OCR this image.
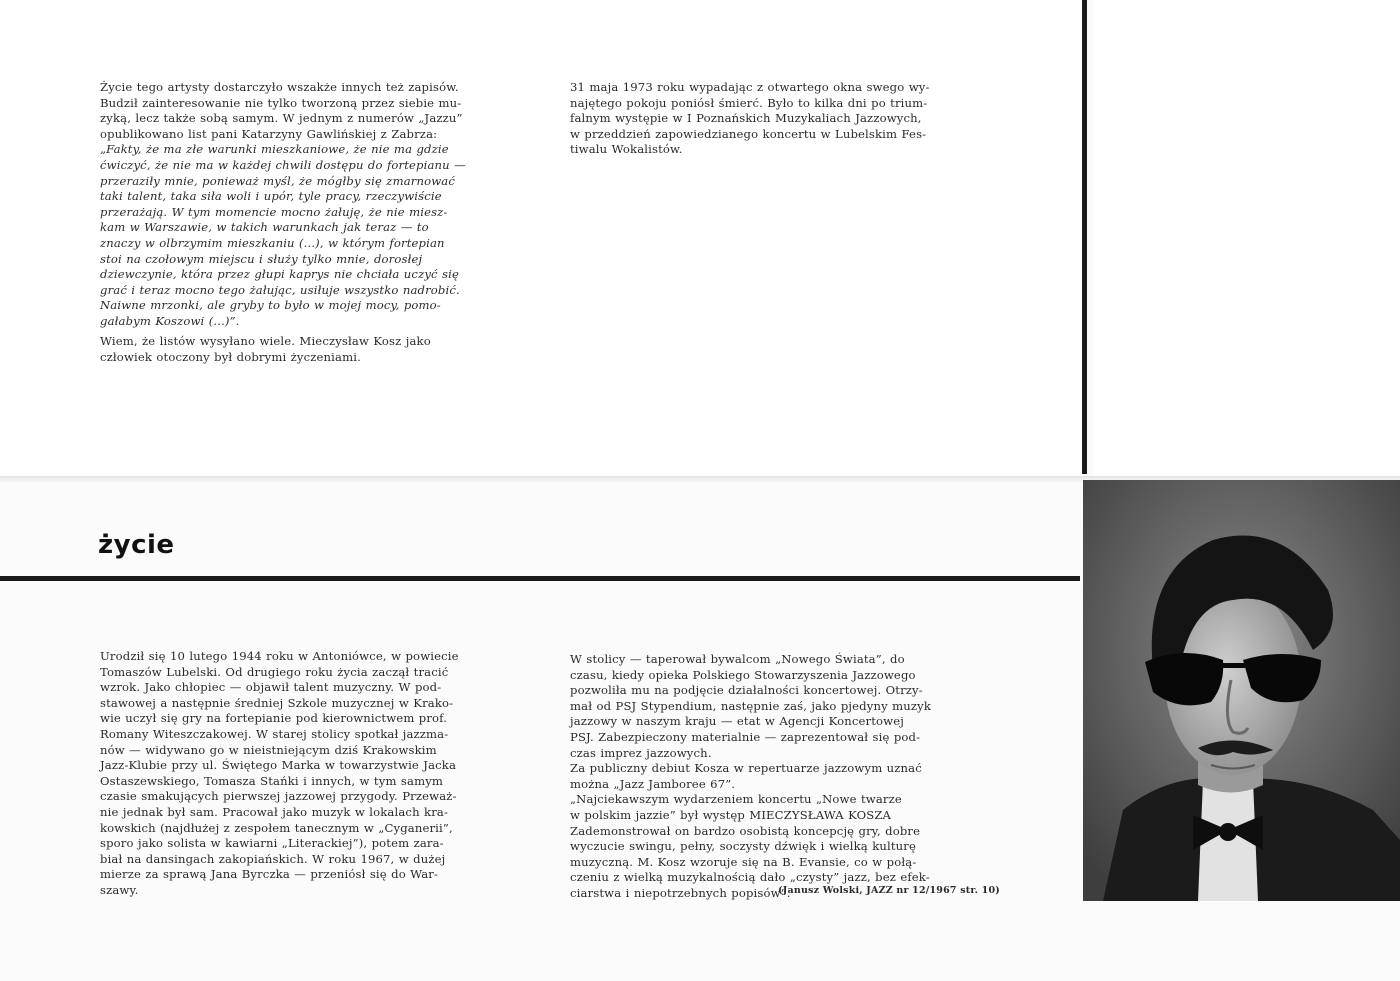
Życie tego artysty dostarczyło wszakże innych też zapisów.

Budził zainteresowanie nie tylko tworzoną przez siebie mu-

zyką, lecz także sobą samym. W jednym z numerów „Jazzu”

opublikowano list pani Katarzyny Gawlińskiej z Zabrza:

„Fakty, że ma złe warunki mieszkaniowe, że nie ma gdzie

ćwiczyć, że nie ma w każdej chwili dostępu do fortepianu —

przeraziły mnie, ponieważ myśl, że mógłby się zmarnować

taki talent, taka siła woli i upór, tyle pracy, rzeczywiście

przerażają. W tym momencie mocno żałuję, że nie miesz-

kam w Warszawie, w takich warunkach jak teraz — to

znaczy w olbrzymim mieszkaniu (...), w którym fortepian

stoi na czołowym miejscu i służy tylko mnie, dorosłej

dziewczynie, która przez głupi kaprys nie chciała uczyć się

grać i teraz mocno tego żałując, usiłuje wszystko nadrobić.

Naiwne mrzonki, ale gryby to było w mojej mocy, pomo-

gałabym Koszowi (...)”.

Wiem, że listów wysyłano wiele. Mieczysław Kosz jako

człowiek otoczony był dobrymi życzeniami.

31 maja 1973 roku wypadając z otwartego okna swego wy-

najętego pokoju poniósł śmierć. Było to kilka dni po trium-

falnym występie w I Poznańskich Muzykaliach Jazzowych,

w przeddzień zapowiedzianego koncertu w Lubelskim Fes-

tiwalu Wokalistów.

życie

Urodził się 10 lutego 1944 roku w Antoniówce, w powiecie

Tomaszów Lubelski. Od drugiego roku życia zaczął tracić

wzrok. Jako chłopiec — objawił talent muzyczny. W pod-

stawowej a następnie średniej Szkole muzycznej w Krako-

wie uczył się gry na fortepianie pod kierownictwem prof.

Romany Witeszczakowej. W starej stolicy spotkał jazzma-

nów — widywano go w nieistniejącym dziś Krakowskim

Jazz-Klubie przy ul. Świętego Marka w towarzystwie Jacka

Ostaszewskiego, Tomasza Stańki i innych, w tym samym

czasie smakujących pierwszej jazzowej przygody. Przeważ-

nie jednak był sam. Pracował jako muzyk w lokalach kra-

kowskich (najdłużej z zespołem tanecznym w „Cyganerii”,

sporo jako solista w kawiarni „Literackiej”), potem zara-

biał na dansingach zakopiańskich. W roku 1967, w dużej

mierze za sprawą Jana Byrczka — przeniósł się do War-

szawy.

W stolicy — taperował bywalcom „Nowego Świata”, do

czasu, kiedy opieka Polskiego Stowarzyszenia Jazzowego

pozwoliła mu na podjęcie działalności koncertowej. Otrzy-

mał od PSJ Stypendium, następnie zaś, jako pjedyny muzyk

jazzowy w naszym kraju — etat w Agencji Koncertowej

PSJ. Zabezpieczony materialnie — zaprezentował się pod-

czas imprez jazzowych.

Za publiczny debiut Kosza w repertuarze jazzowym uznać

można „Jazz Jamboree 67”.

„Najciekawszym wydarzeniem koncertu „Nowe twarze

w polskim jazzie” był występ MIECZYSŁAWA KOSZA

Zademonstrował on bardzo osobistą koncepcję gry, dobre

wyczucie swingu, pełny, soczysty dźwięk i wielką kulturę

muzyczną. M. Kosz wzoruje się na B. Evansie, co w połą-

czeniu z wielką muzykalnością dało „czysty” jazz, bez efek-

ciarstwa i niepotrzebnych popisów”.

(Janusz Wolski, JAZZ nr 12/1967 str. 10)
